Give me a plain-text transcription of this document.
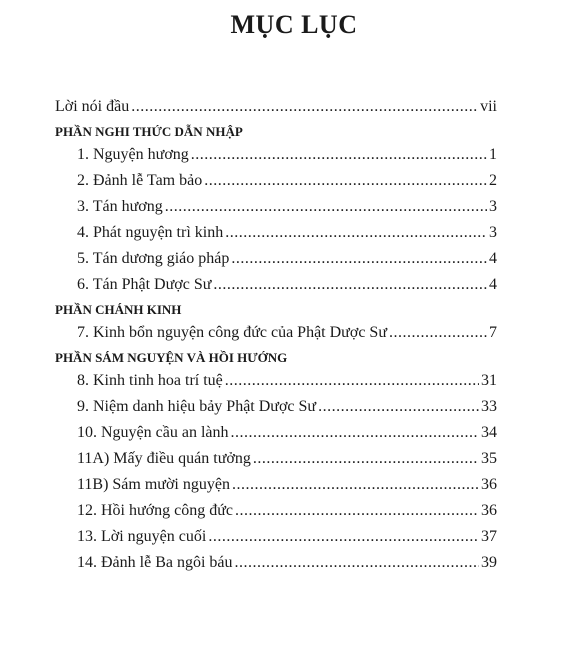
MỤC LỤC
Lời nói đầu .....	vii
PHẦN NGHI THỨC DẪN NHẬP
1. Nguyện hương .....	1
2. Đảnh lễ Tam bảo .....	2
3. Tán hương .....	3
4. Phát nguyện trì kinh .....	3
5. Tán dương giáo pháp .....	4
6. Tán Phật Dược Sư .....	4
PHẦN CHÁNH KINH
7. Kinh bổn nguyện công đức của Phật Dược Sư .....	7
PHẦN SÁM NGUYỆN VÀ HỒI HƯỚNG
8. Kinh tinh hoa trí tuệ .....	31
9. Niệm danh hiệu bảy Phật Dược Sư .....	33
10. Nguyện cầu an lành .....	34
11A) Mấy điều quán tưởng .....	35
11B) Sám mười nguyện .....	36
12. Hồi hướng công đức .....	36
13. Lời nguyện cuối .....	37
14. Đảnh lễ Ba ngôi báu .....	39
